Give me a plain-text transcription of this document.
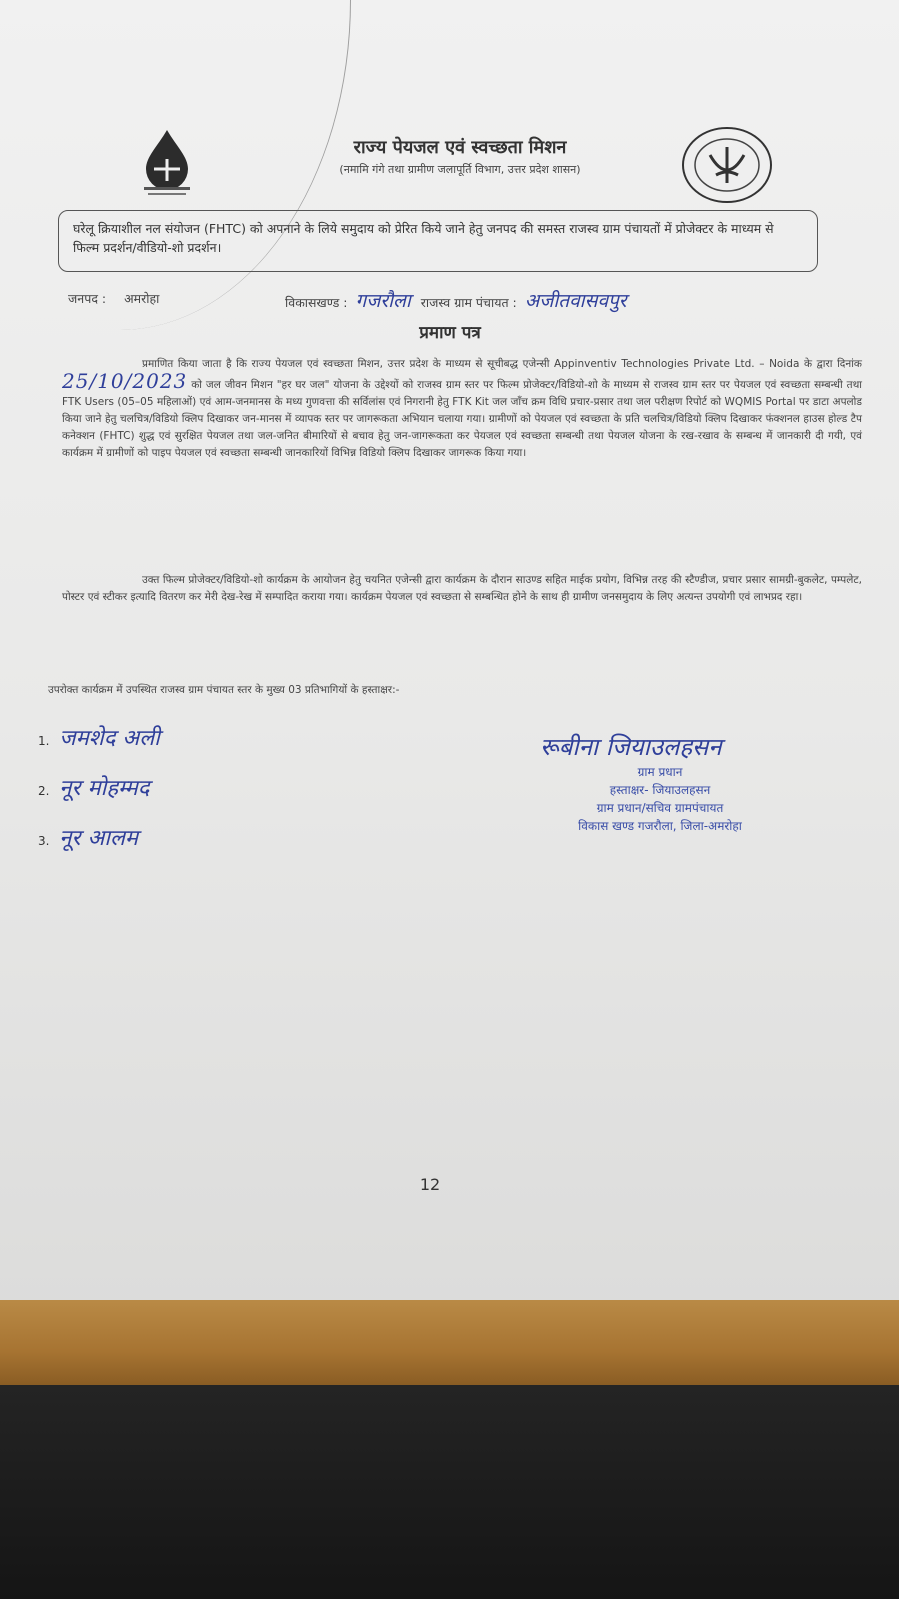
राज्य पेयजल एवं स्वच्छता मिशन
(नमामि गंगे तथा ग्रामीण जलापूर्ति विभाग, उत्तर प्रदेश शासन)
घरेलू क्रियाशील नल संयोजन (FHTC) को अपनाने के लिये समुदाय को प्रेरित किये जाने हेतु जनपद की समस्त राजस्व ग्राम पंचायतों में प्रोजेक्टर के माध्यम से फिल्म प्रदर्शन/वीडियो-शो प्रदर्शन।
जनपद : अमरोहा	विकासखण्ड : गजरौला राजस्व ग्राम पंचायत : अजीतवासवपुर
प्रमाण पत्र

प्रमाणित किया जाता है कि राज्य पेयजल एवं स्वच्छता मिशन, उत्तर प्रदेश के माध्यम से सूचीबद्ध एजेन्सी Appinventiv Technologies Private Ltd. – Noida के द्वारा दिनांक 25/10/2023 को जल जीवन मिशन "हर घर जल" योजना के उद्देश्यों को राजस्व ग्राम स्तर पर फिल्म प्रोजेक्टर/विडियो-शो के माध्यम से राजस्व ग्राम स्तर पर पेयजल एवं स्वच्छता सम्बन्धी तथा FTK Users (05–05 महिलाओं) एवं आम-जनमानस के मध्य गुणवत्ता की सर्विलांस एवं निगरानी हेतु FTK Kit जल जाँच क्रम विधि प्रचार-प्रसार तथा जल परीक्षण रिपोर्ट को WQMIS Portal पर डाटा अपलोड किया जाने हेतु चलचित्र/विडियो क्लिप दिखाकर जन-मानस में व्यापक स्तर पर जागरूकता अभियान चलाया गया। ग्रामीणों को पेयजल एवं स्वच्छता के प्रति चलचित्र/विडियो क्लिप दिखाकर फंक्शनल हाउस होल्ड टैप कनेक्शन (FHTC) शुद्ध एवं सुरक्षित पेयजल तथा जल-जनित बीमारियों से बचाव हेतु जन-जागरूकता कर पेयजल एवं स्वच्छता सम्बन्धी तथा पेयजल योजना के रख-रखाव के सम्बन्ध में जानकारी दी गयी, एवं कार्यक्रम में ग्रामीणों को पाइप पेयजल एवं स्वच्छता सम्बन्धी जानकारियों विभिन्न विडियो क्लिप दिखाकर जागरूक किया गया।

उक्त फिल्म प्रोजेक्टर/विडियो-शो कार्यक्रम के आयोजन हेतु चयनित एजेन्सी द्वारा कार्यक्रम के दौरान साउण्ड सहित माईक प्रयोग, विभिन्न तरह की स्टैण्डीज, प्रचार प्रसार सामग्री-बुकलेट, पम्पलेट, पोस्टर एवं स्टीकर इत्यादि वितरण कर मेरी देख-रेख में सम्पादित कराया गया। कार्यक्रम पेयजल एवं स्वच्छता से सम्बन्धित होने के साथ ही ग्रामीण जनसमुदाय के लिए अत्यन्त उपयोगी एवं लाभप्रद रहा।

उपरोक्त कार्यक्रम में उपस्थित राजस्व ग्राम पंचायत स्तर के मुख्य 03 प्रतिभागियों के हस्ताक्षर:-

1. जमशेद अली
2. नूर मोहम्मद
3. नूर आलम
रूबीना जियाउलहसन
ग्राम प्रधान
हस्ताक्षर- जियाउलहसन
ग्राम प्रधान/सचिव ग्रामपंचायत
विकास खण्ड गजरौला, जिला-अमरोहा
12
